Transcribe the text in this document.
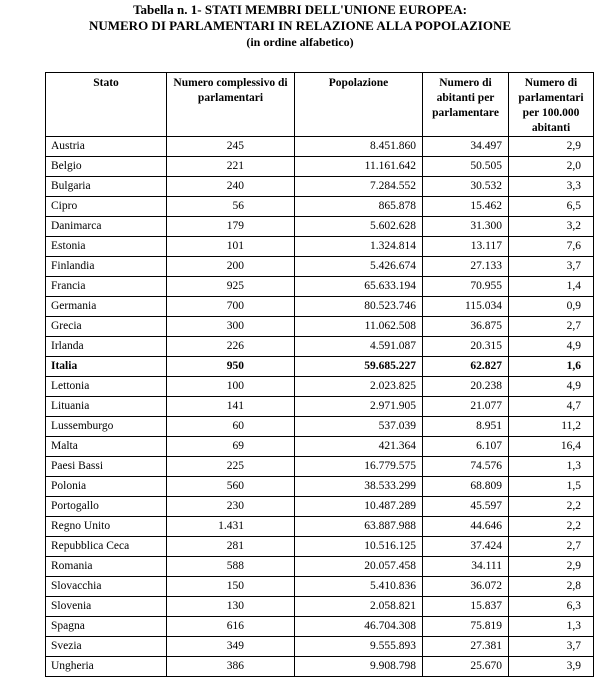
Tabella n. 1- STATI MEMBRI DELL'UNIONE EUROPEA:
NUMERO DI PARLAMENTARI IN RELAZIONE ALLA POPOLAZIONE
(in ordine alfabetico)
Stato	Numero complessivo di parlamentari	Popolazione	Numero di abitanti per parlamentare	Numero di parlamentari per 100.000 abitanti
Austria	245	8.451.860	34.497	2,9
Belgio	221	11.161.642	50.505	2,0
Bulgaria	240	7.284.552	30.532	3,3
Cipro	56	865.878	15.462	6,5
Danimarca	179	5.602.628	31.300	3,2
Estonia	101	1.324.814	13.117	7,6
Finlandia	200	5.426.674	27.133	3,7
Francia	925	65.633.194	70.955	1,4
Germania	700	80.523.746	115.034	0,9
Grecia	300	11.062.508	36.875	2,7
Irlanda	226	4.591.087	20.315	4,9
Italia	950	59.685.227	62.827	1,6
Lettonia	100	2.023.825	20.238	4,9
Lituania	141	2.971.905	21.077	4,7
Lussemburgo	60	537.039	8.951	11,2
Malta	69	421.364	6.107	16,4
Paesi Bassi	225	16.779.575	74.576	1,3
Polonia	560	38.533.299	68.809	1,5
Portogallo	230	10.487.289	45.597	2,2
Regno Unito	1.431	63.887.988	44.646	2,2
Repubblica Ceca	281	10.516.125	37.424	2,7
Romania	588	20.057.458	34.111	2,9
Slovacchia	150	5.410.836	36.072	2,8
Slovenia	130	2.058.821	15.837	6,3
Spagna	616	46.704.308	75.819	1,3
Svezia	349	9.555.893	27.381	3,7
Ungheria	386	9.908.798	25.670	3,9
